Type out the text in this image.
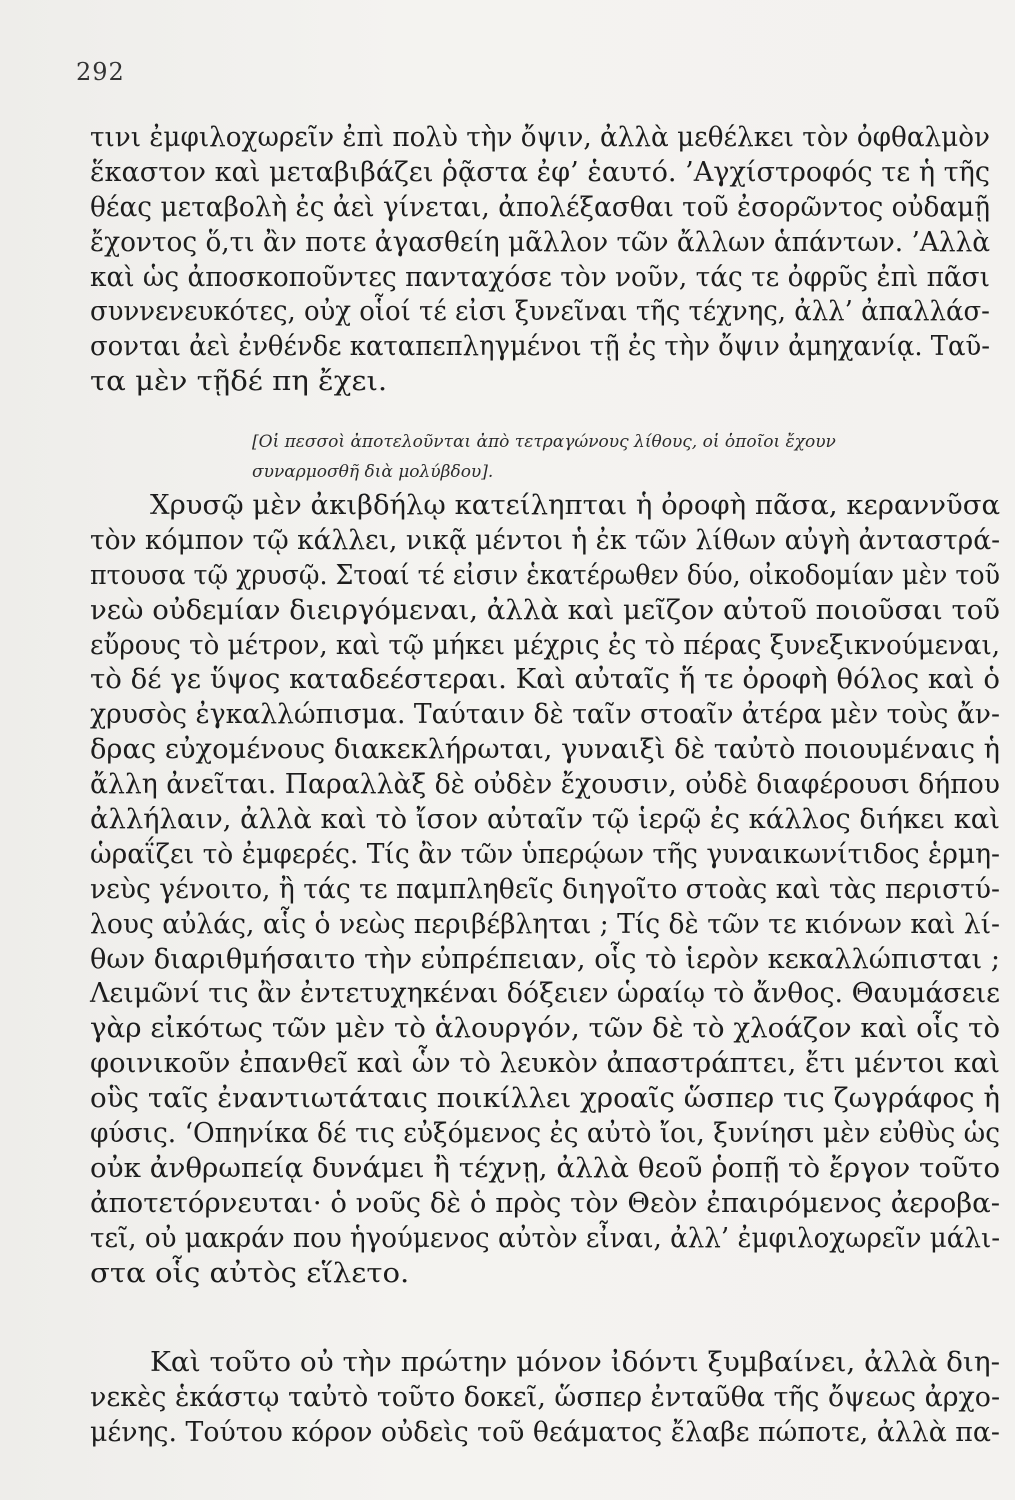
292
τινι ἐμφιλοχωρεῖν ἐπὶ πολὺ τὴν ὄψιν, ἀλλὰ μεθέλκει τὸν ὀφθαλμὸν
ἕκαστον καὶ μεταβιβάζει ῥᾷστα ἐφ’ ἑαυτό. ’Αγχίστροφός τε ἡ τῆς
θέας μεταβολὴ ἐς ἀεὶ γίνεται, ἀπολέξασθαι τοῦ ἐσορῶντος οὐδαμῇ
ἔχοντος ὅ,τι ἂν ποτε ἀγασθείη μᾶλλον τῶν ἄλλων ἁπάντων. ’Αλλὰ
καὶ ὡς ἀποσκοποῦντες πανταχόσε τὸν νοῦν, τάς τε ὀφρῦς ἐπὶ πᾶσι
συννενευκότες, οὐχ οἷοί τέ εἰσι ξυνεῖναι τῆς τέχνης, ἀλλ’ ἀπαλλάσ-
σονται ἀεὶ ἐνθένδε καταπεπληγμένοι τῇ ἐς τὴν ὄψιν ἀμηχανίᾳ. Ταῦ-
τα μὲν τῇδέ πη ἔχει.
[Οἱ πεσσοὶ ἀποτελοῦνται ἀπὸ τετραγώνους λίθους, οἱ ὁποῖοι ἔχουν
συναρμοσθῆ διὰ μολύβδου].
Χρυσῷ μὲν ἀκιβδήλῳ κατείληπται ἡ ὀροφὴ πᾶσα, κεραννῦσα
τὸν κόμπον τῷ κάλλει, νικᾷ μέντοι ἡ ἐκ τῶν λίθων αὐγὴ ἀνταστρά-
πτουσα τῷ χρυσῷ. Στοαί τέ εἰσιν ἑκατέρωθεν δύο, οἰκοδομίαν μὲν τοῦ
νεὼ οὐδεμίαν διειργόμεναι, ἀλλὰ καὶ μεῖζον αὐτοῦ ποιοῦσαι τοῦ
εὔρους τὸ μέτρον, καὶ τῷ μήκει μέχρις ἐς τὸ πέρας ξυνεξικνούμεναι,
τὸ δέ γε ὕψος καταδεέστεραι. Καὶ αὐταῖς ἥ τε ὀροφὴ θόλος καὶ ὁ
χρυσὸς ἐγκαλλώπισμα. Ταύταιν δὲ ταῖν στοαῖν ἀτέρα μὲν τοὺς ἄν-
δρας εὐχομένους διακεκλήρωται, γυναιξὶ δὲ ταὐτὸ ποιουμέναις ἡ
ἄλλη ἀνεῖται. Παραλλὰξ δὲ οὐδὲν ἔχουσιν, οὐδὲ διαφέρουσι δήπου
ἀλλήλαιν, ἀλλὰ καὶ τὸ ἴσον αὐταῖν τῷ ἱερῷ ἐς κάλλος διήκει καὶ
ὡραΐζει τὸ ἐμφερές. Τίς ἂν τῶν ὑπερῴων τῆς γυναικωνίτιδος ἑρμη-
νεὺς γένοιτο, ἢ τάς τε παμπληθεῖς διηγοῖτο στοὰς καὶ τὰς περιστύ-
λους αὐλάς, αἷς ὁ νεὼς περιβέβληται ; Τίς δὲ τῶν τε κιόνων καὶ λί-
θων διαριθμήσαιτο τὴν εὐπρέπειαν, οἷς τὸ ἱερὸν κεκαλλώπισται ;
Λειμῶνί τις ἂν ἐντετυχηκέναι δόξειεν ὡραίῳ τὸ ἄνθος. Θαυμάσειε
γὰρ εἰκότως τῶν μὲν τὸ ἁλουργόν, τῶν δὲ τὸ χλοάζον καὶ οἷς τὸ
φοινικοῦν ἐπανθεῖ καὶ ὧν τὸ λευκὸν ἀπαστράπτει, ἔτι μέντοι καὶ
οὓς ταῖς ἐναντιωτάταις ποικίλλει χροαῖς ὥσπερ τις ζωγράφος ἡ
φύσις. ‘Οπηνίκα δέ τις εὐξόμενος ἐς αὐτὸ ἴοι, ξυνίησι μὲν εὐθὺς ὡς
οὐκ ἀνθρωπείᾳ δυνάμει ἢ τέχνῃ, ἀλλὰ θεοῦ ῥοπῇ τὸ ἔργον τοῦτο
ἀποτετόρνευται· ὁ νοῦς δὲ ὁ πρὸς τὸν Θεὸν ἐπαιρόμενος ἀεροβα-
τεῖ, οὐ μακράν που ἡγούμενος αὐτὸν εἶναι, ἀλλ’ ἐμφιλοχωρεῖν μάλι-
στα οἷς αὐτὸς εἵλετο.
Καὶ τοῦτο οὐ τὴν πρώτην μόνον ἰδόντι ξυμβαίνει, ἀλλὰ διη-
νεκὲς ἑκάστῳ ταὐτὸ τοῦτο δοκεῖ, ὥσπερ ἐνταῦθα τῆς ὄψεως ἀρχο-
μένης. Τούτου κόρον οὐδεὶς τοῦ θεάματος ἔλαβε πώποτε, ἀλλὰ πα-
